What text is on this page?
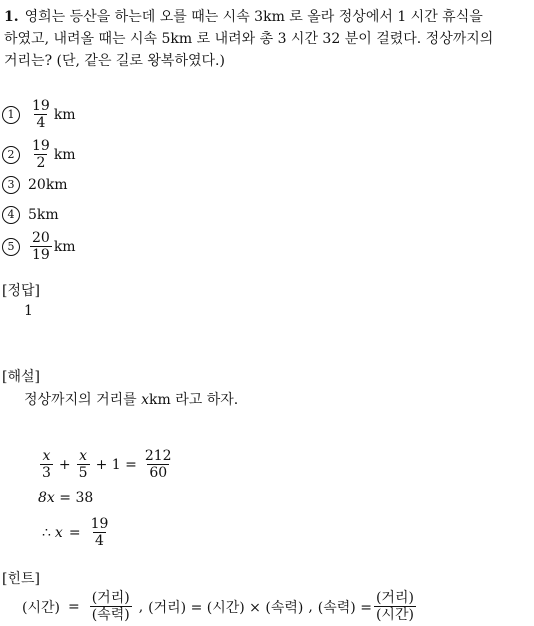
1. 영희는 등산을 하는데 오를 때는 시속 3km 로 올라 정상에서 1 시간 휴식을
하였고, 내려올 때는 시속 5km 로 내려와 총 3 시간 32 분이 걸렸다. 정상까지의
거리는? (단, 같은 길로 왕복하였다.)
1	$\frac{19}{4}$ km
2	$\frac{19}{2}$ km
3 20km
4 5km
5	$\frac{20}{19}$ km
[정답]
1
[해설]
정상까지의 거리를 xkm 라고 하자.
$\frac{x}{3} + \frac{x}{5} + 1 = \frac{212}{60}$
8x = 38
∴ $x = \frac{19}{4}$
[힌트]
(시간) = $\frac{\text{(거리)}}{\text{(속력)}}$ , (거리) = (시간) × (속력) , (속력) = $\frac{\text{(거리)}}{\text{(시간)}}$
